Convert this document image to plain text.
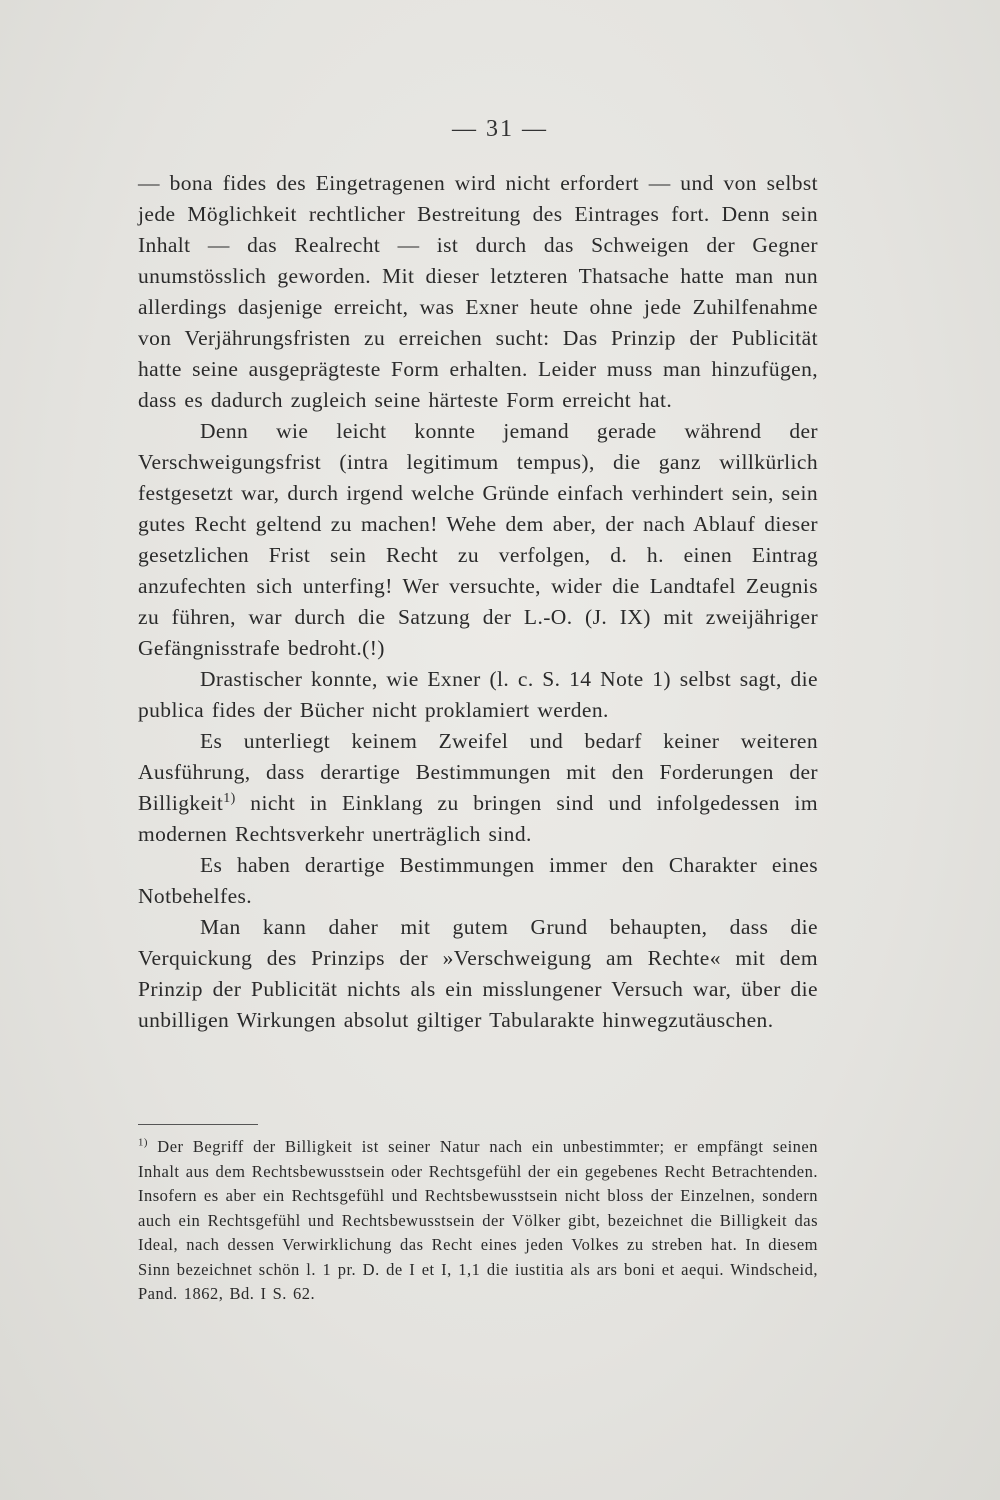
— 31 —

— bona fides des Eingetragenen wird nicht erfordert — und von selbst jede Möglichkeit rechtlicher Bestreitung des Eintrages fort. Denn sein Inhalt — das Realrecht — ist durch das Schweigen der Gegner unumstösslich geworden. Mit dieser letzteren Thatsache hatte man nun allerdings dasjenige erreicht, was Exner heute ohne jede Zuhilfenahme von Verjährungsfristen zu erreichen sucht: Das Prinzip der Publicität hatte seine ausgeprägteste Form erhalten. Leider muss man hinzufügen, dass es dadurch zugleich seine härteste Form erreicht hat.

Denn wie leicht konnte jemand gerade während der Verschweigungsfrist (intra legitimum tempus), die ganz willkürlich festgesetzt war, durch irgend welche Gründe einfach verhindert sein, sein gutes Recht geltend zu machen! Wehe dem aber, der nach Ablauf dieser gesetzlichen Frist sein Recht zu verfolgen, d. h. einen Eintrag anzufechten sich unterfing! Wer versuchte, wider die Landtafel Zeugnis zu führen, war durch die Satzung der L.-O. (J. IX) mit zweijähriger Gefängnisstrafe bedroht.(!)

Drastischer konnte, wie Exner (l. c. S. 14 Note 1) selbst sagt, die publica fides der Bücher nicht proklamiert werden.

Es unterliegt keinem Zweifel und bedarf keiner weiteren Ausführung, dass derartige Bestimmungen mit den Forderungen der Billigkeit$^{1)}$ nicht in Einklang zu bringen sind und infolgedessen im modernen Rechtsverkehr unerträglich sind.

Es haben derartige Bestimmungen immer den Charakter eines Notbehelfes.

Man kann daher mit gutem Grund behaupten, dass die Verquickung des Prinzips der »Verschweigung am Rechte« mit dem Prinzip der Publicität nichts als ein misslungener Versuch war, über die unbilligen Wirkungen absolut giltiger Tabularakte hinwegzutäuschen.

$^{1)}$ Der Begriff der Billigkeit ist seiner Natur nach ein unbestimmter; er empfängt seinen Inhalt aus dem Rechtsbewusstsein oder Rechtsgefühl der ein gegebenes Recht Betrachtenden. Insofern es aber ein Rechtsgefühl und Rechtsbewusstsein nicht bloss der Einzelnen, sondern auch ein Rechtsgefühl und Rechtsbewusstsein der Völker gibt, bezeichnet die Billigkeit das Ideal, nach dessen Verwirklichung das Recht eines jeden Volkes zu streben hat. In diesem Sinn bezeichnet schön l. 1 pr. D. de I et I, 1,1 die iustitia als ars boni et aequi. Windscheid, Pand. 1862, Bd. I S. 62.
